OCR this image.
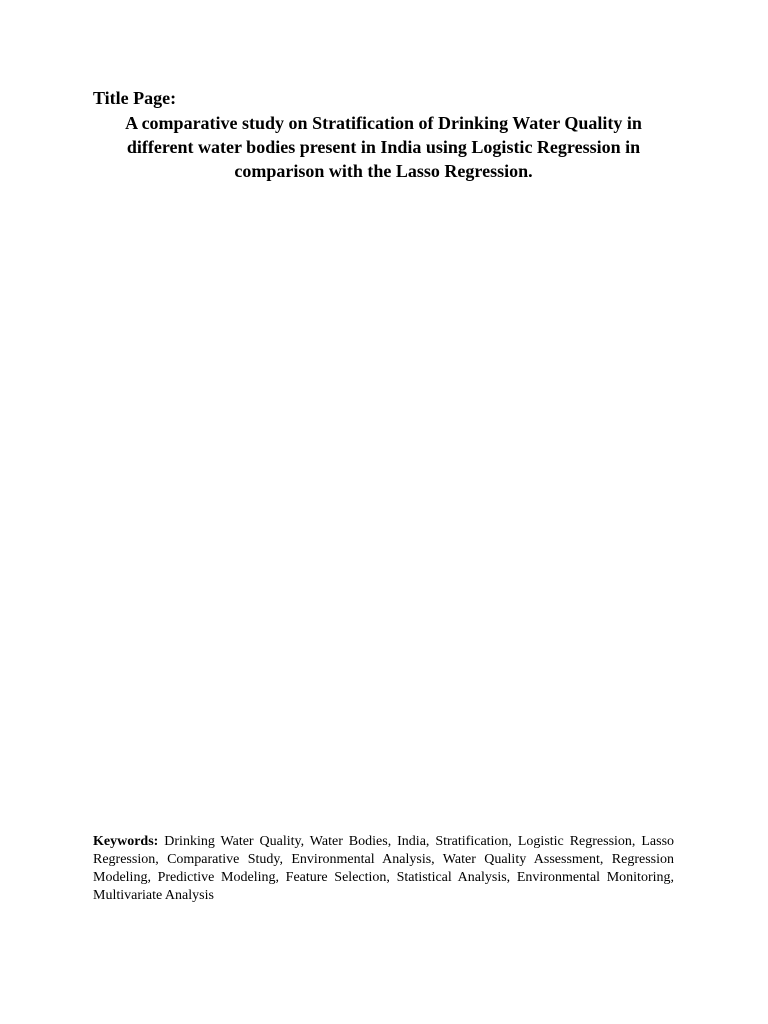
Title Page:

A comparative study on Stratification of Drinking Water Quality in different water bodies present in India using Logistic Regression in comparison with the Lasso Regression.

Keywords: Drinking Water Quality, Water Bodies, India, Stratification, Logistic Regression, Lasso Regression, Comparative Study, Environmental Analysis, Water Quality Assessment, Regression Modeling, Predictive Modeling, Feature Selection, Statistical Analysis, Environmental Monitoring, Multivariate Analysis
